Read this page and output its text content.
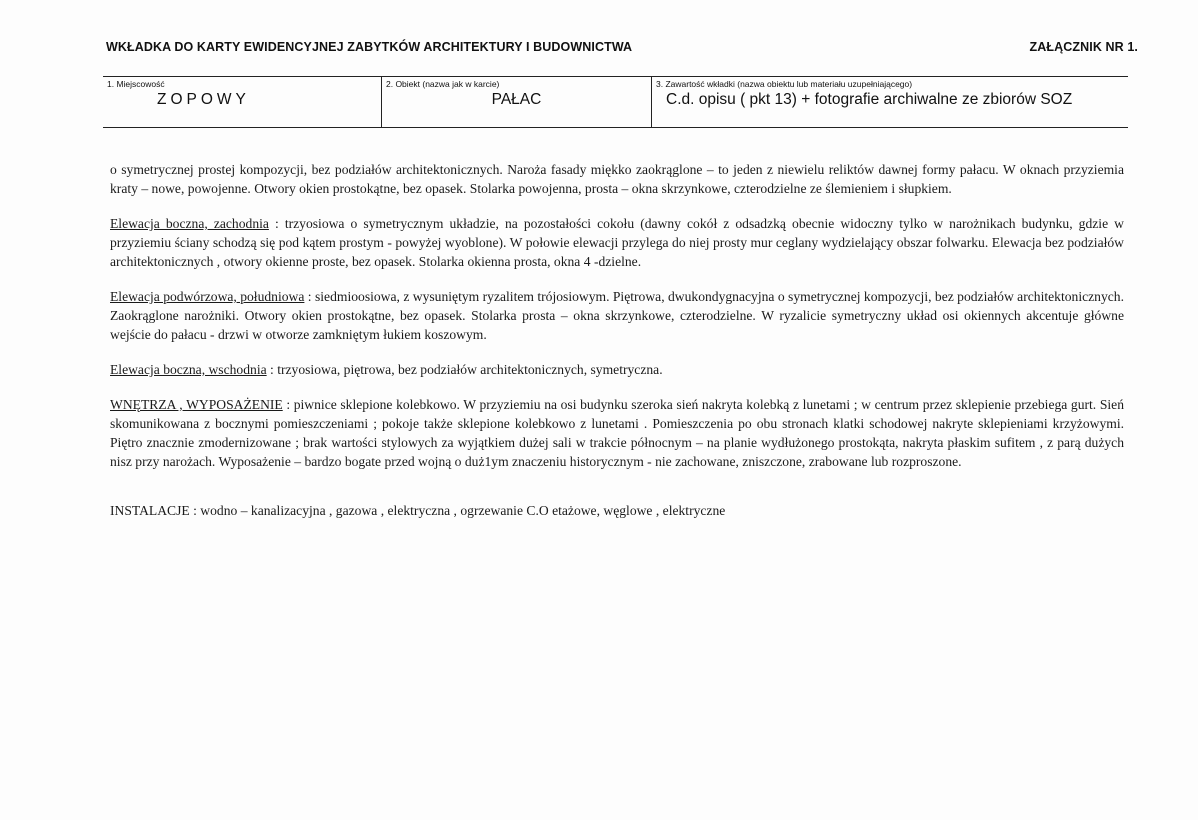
WKŁADKA DO KARTY EWIDENCYJNEJ ZABYTKÓW ARCHITEKTURY I BUDOWNICTWA	ZAŁĄCZNIK NR 1.
1. Miejscowość
ZOPOWY
2. Obiekt (nazwa jak w karcie)
PAŁAC
3. Zawartość wkładki (nazwa obiektu lub materiału uzupełniającego)
C.d. opisu ( pkt 13) + fotografie archiwalne ze zbiorów SOZ

o symetrycznej prostej kompozycji, bez podziałów architektonicznych. Naroża fasady miękko zaokrąglone – to jeden z niewielu reliktów dawnej formy pałacu. W oknach przyziemia kraty – nowe, powojenne. Otwory okien prostokątne, bez opasek. Stolarka powojenna, prosta – okna skrzynkowe, czterodzielne ze ślemieniem i słupkiem.

Elewacja boczna, zachodnia : trzyosiowa o symetrycznym układzie, na pozostałości cokołu (dawny cokół z odsadzką obecnie widoczny tylko w narożnikach budynku, gdzie w przyziemiu ściany schodzą się pod kątem prostym - powyżej wyoblone). W połowie elewacji przylega do niej prosty mur ceglany wydzielający obszar folwarku. Elewacja bez podziałów architektonicznych , otwory okienne proste, bez opasek. Stolarka okienna prosta, okna 4 -dzielne.

Elewacja podwórzowa, południowa : siedmioosiowa, z wysuniętym ryzalitem trójosiowym. Piętrowa, dwukondygnacyjna o symetrycznej kompozycji, bez podziałów architektonicznych. Zaokrąglone narożniki. Otwory okien prostokątne, bez opasek. Stolarka prosta – okna skrzynkowe, czterodzielne. W ryzalicie symetryczny układ osi okiennych akcentuje główne wejście do pałacu - drzwi w otworze zamkniętym łukiem koszowym.

Elewacja boczna, wschodnia : trzyosiowa, piętrowa, bez podziałów architektonicznych, symetryczna.

WNĘTRZA , WYPOSAŻENIE : piwnice sklepione kolebkowo. W przyziemiu na osi budynku szeroka sień nakryta kolebką z lunetami ; w centrum przez sklepienie przebiega gurt. Sień skomunikowana z bocznymi pomieszczeniami ; pokoje także sklepione kolebkowo z lunetami . Pomieszczenia po obu stronach klatki schodowej nakryte sklepieniami krzyżowymi. Piętro znacznie zmodernizowane ; brak wartości stylowych za wyjątkiem dużej sali w trakcie północnym – na planie wydłużonego prostokąta, nakryta płaskim sufitem , z parą dużych nisz przy narożach. Wyposażenie – bardzo bogate przed wojną o duż1ym znaczeniu historycznym - nie zachowane, zniszczone, zrabowane lub rozproszone.

INSTALACJE : wodno – kanalizacyjna , gazowa , elektryczna , ogrzewanie C.O etażowe, węglowe , elektryczne
